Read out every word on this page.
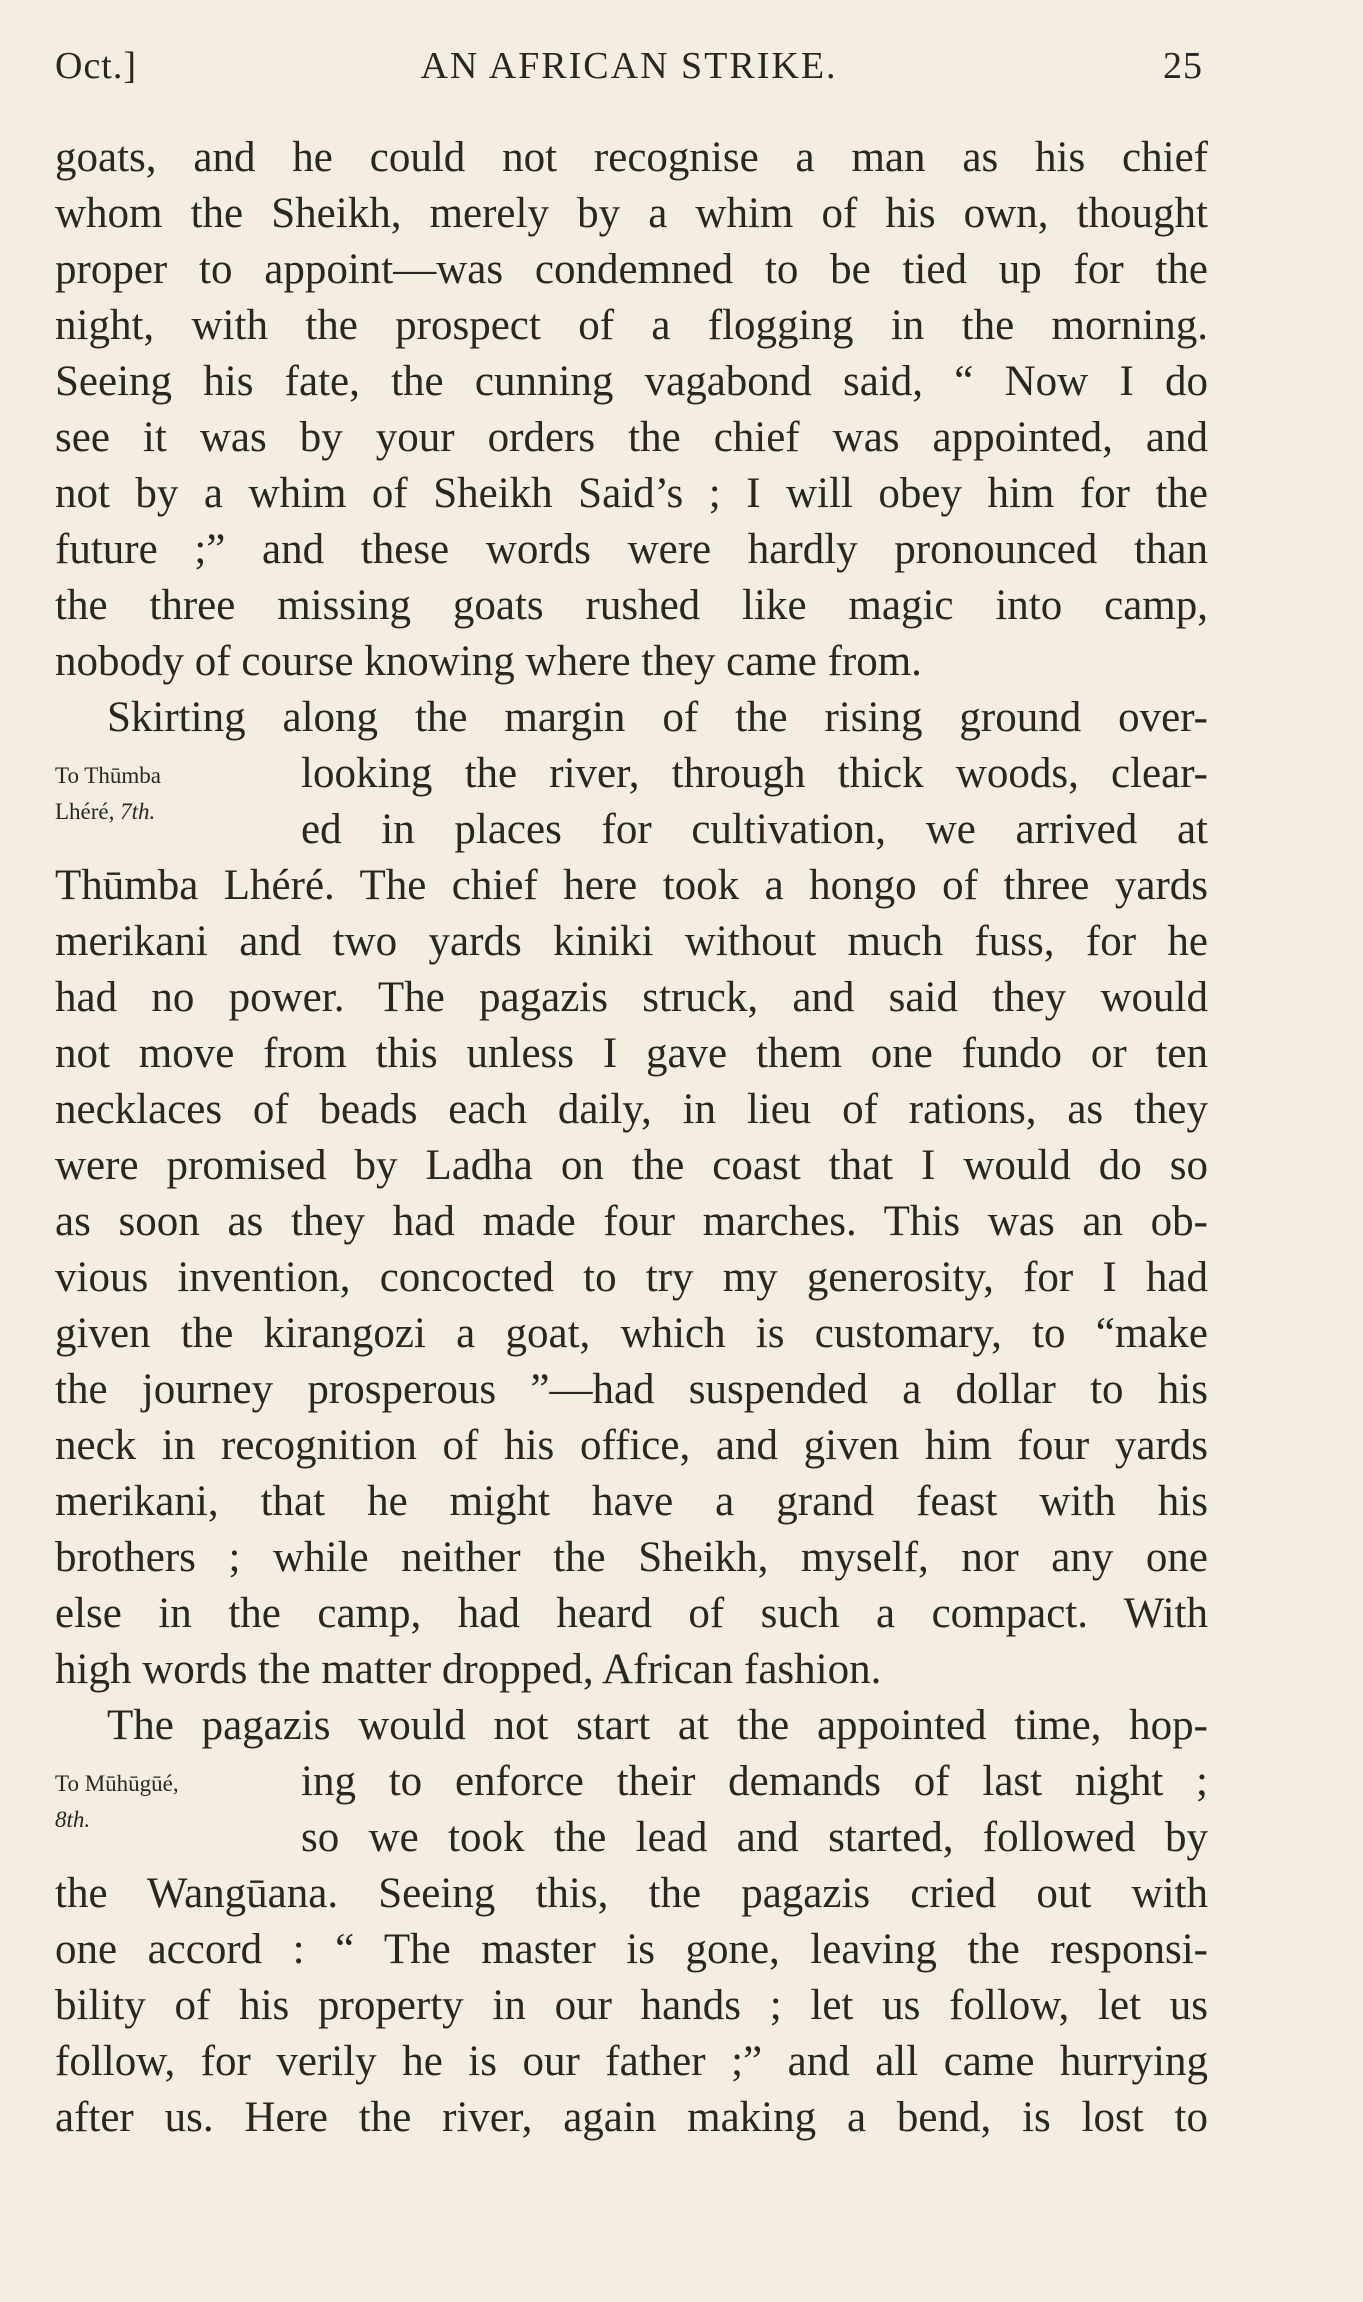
Oct.]	AN AFRICAN STRIKE.	25
goats, and he could not recognise a man as his chief
whom the Sheikh, merely by a whim of his own, thought
proper to appoint—was condemned to be tied up for the
night, with the prospect of a flogging in the morning.
Seeing his fate, the cunning vagabond said, “ Now I do
see it was by your orders the chief was appointed, and
not by a whim of Sheikh Said’s ; I will obey him for the
future ;” and these words were hardly pronounced than
the three missing goats rushed like magic into camp,
nobody of course knowing where they came from.
Skirting along the margin of the rising ground over-
looking the river, through thick woods, clear-
ed in places for cultivation, we arrived at
Thūmba Lhéré. The chief here took a hongo of three yards
merikani and two yards kiniki without much fuss, for he
had no power. The pagazis struck, and said they would
not move from this unless I gave them one fundo or ten
necklaces of beads each daily, in lieu of rations, as they
were promised by Ladha on the coast that I would do so
as soon as they had made four marches. This was an ob-
vious invention, concocted to try my generosity, for I had
given the kirangozi a goat, which is customary, to “make
the journey prosperous ”—had suspended a dollar to his
neck in recognition of his office, and given him four yards
merikani, that he might have a grand feast with his
brothers ; while neither the Sheikh, myself, nor any one
else in the camp, had heard of such a compact. With
high words the matter dropped, African fashion.
The pagazis would not start at the appointed time, hop-
ing to enforce their demands of last night ;
so we took the lead and started, followed by
the Wangūana. Seeing this, the pagazis cried out with
one accord : “ The master is gone, leaving the responsi-
bility of his property in our hands ; let us follow, let us
follow, for verily he is our father ;” and all came hurrying
after us. Here the river, again making a bend, is lost to
To Thūmba
Lhéré, 7th.
To Mūhūgūé,
8th.
